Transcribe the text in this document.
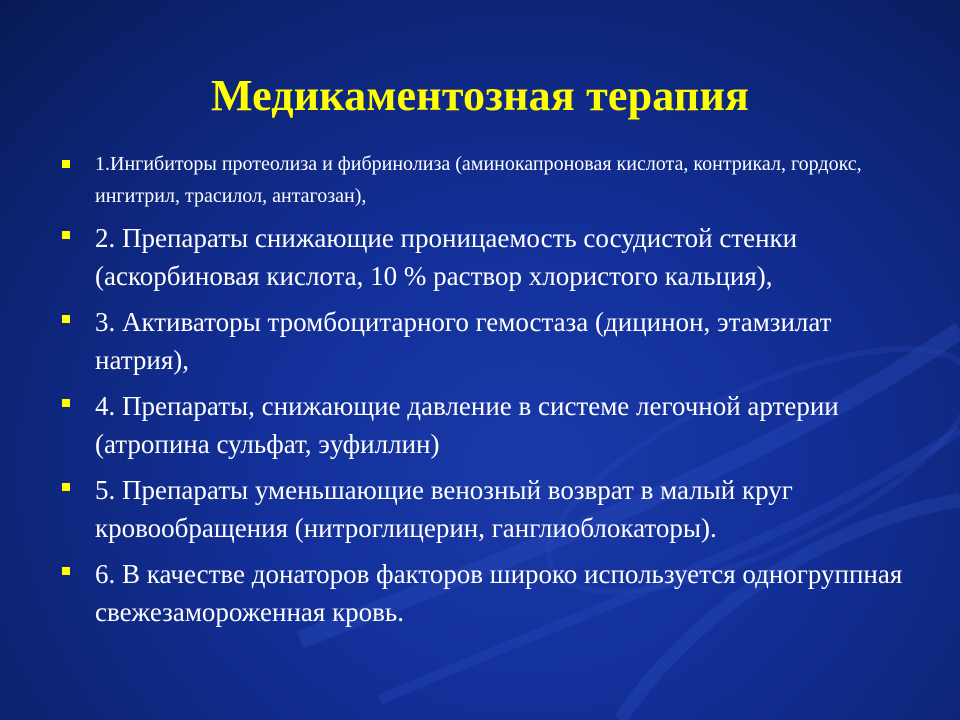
Медикаментозная терапия
1.Ингибиторы протеолиза и фибринолиза (аминокапроновая кислота, контрикал, гордокс, ингитрил, трасилол, антагозан),
2. Препараты снижающие проницаемость сосудистой стенки (аскорбиновая кислота, 10 % раствор хлористого кальция),
3. Активаторы тромбоцитарного гемостаза (дицинон, этамзилат натрия),
4. Препараты, снижающие давление в системе легочной артерии (атропина сульфат, эуфиллин)
5. Препараты уменьшающие венозный возврат в малый круг кровообращения (нитроглицерин, ганглиоблокаторы).
6. В качестве донаторов факторов широко используется одногруппная свежезамороженная кровь.
